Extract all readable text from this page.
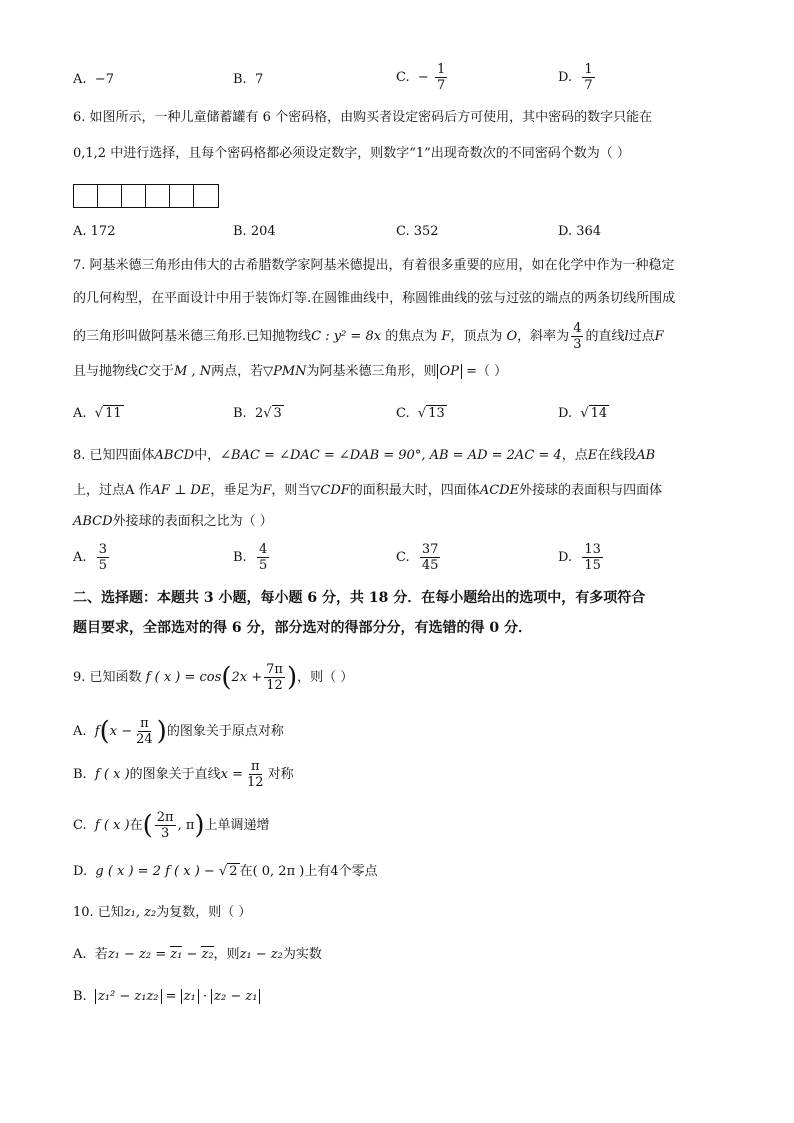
A. −7	B. 7	C. − $\frac{1}{7}$	D. $\frac{1}{7}$
6. 如图所示，一种儿童储蓄罐有 6 个密码格，由购买者设定密码后方可使用，其中密码的数字只能在
0,1,2 中进行选择，且每个密码格都必须设定数字，则数字“1”出现奇数次的不同密码个数为（ ）
A. 172	B. 204	C. 352	D. 364
7. 阿基米德三角形由伟大的古希腊数学家阿基米德提出，有着很多重要的应用，如在化学中作为一种稳定
的几何构型，在平面设计中用于装饰灯等.在圆锥曲线中，称圆锥曲线的弦与过弦的端点的两条切线所围成
的三角形叫做阿基米德三角形.已知抛物线C : y² = 8x 的焦点为 F，顶点为 O，斜率为 $\frac{4}{3}$ 的直线l过点F
且与抛物线C交于M , N两点，若▽PMN为阿基米德三角形，则 OP =（ ）
A. √ 11	B. 2√ 3	C. √ 13	D. √ 14
8. 已知四面体ABCD中，∠BAC = ∠DAC = ∠DAB = 90°, AB = AD = 2AC = 4，点E在线段AB
上，过点A 作AF ⊥ DE，垂足为F，则当▽CDF的面积最大时，四面体ACDE外接球的表面积与四面体
ABCD外接球的表面积之比为（ ）
A. $\frac{3}{5}$	B. $\frac{4}{5}$	C. $\frac{37}{45}$	D. $\frac{13}{15}$
二、选择题：本题共 3 小题，每小题 6 分，共 18 分．在每小题给出的选项中，有多项符合
题目要求，全部选对的得 6 分，部分选对的得部分分，有选错的得 0 分．
9. 已知函数 f ( x ) = $\cos(2x + \frac{7\pi}{12}$ )，则（ ）
A. $f(x - \frac{\pi}{24}$ )的图象关于原点对称
B. f ( x )的图象关于直线$x = \frac{\pi}{12}$ 对称
C. f ( x )在( $\frac{2\pi}{3}$ , π)上单调递增
D. g ( x ) = 2 f ( x ) − √ 2 在( 0, 2π )上有4个零点
10. 已知z₁, z₂为复数，则（ ）
A. 若z₁ − z₂ = z₁ − z₂，则z₁ − z₂为实数
B. z₁² − z₁z₂ = z₁ · z₂ − z₁
